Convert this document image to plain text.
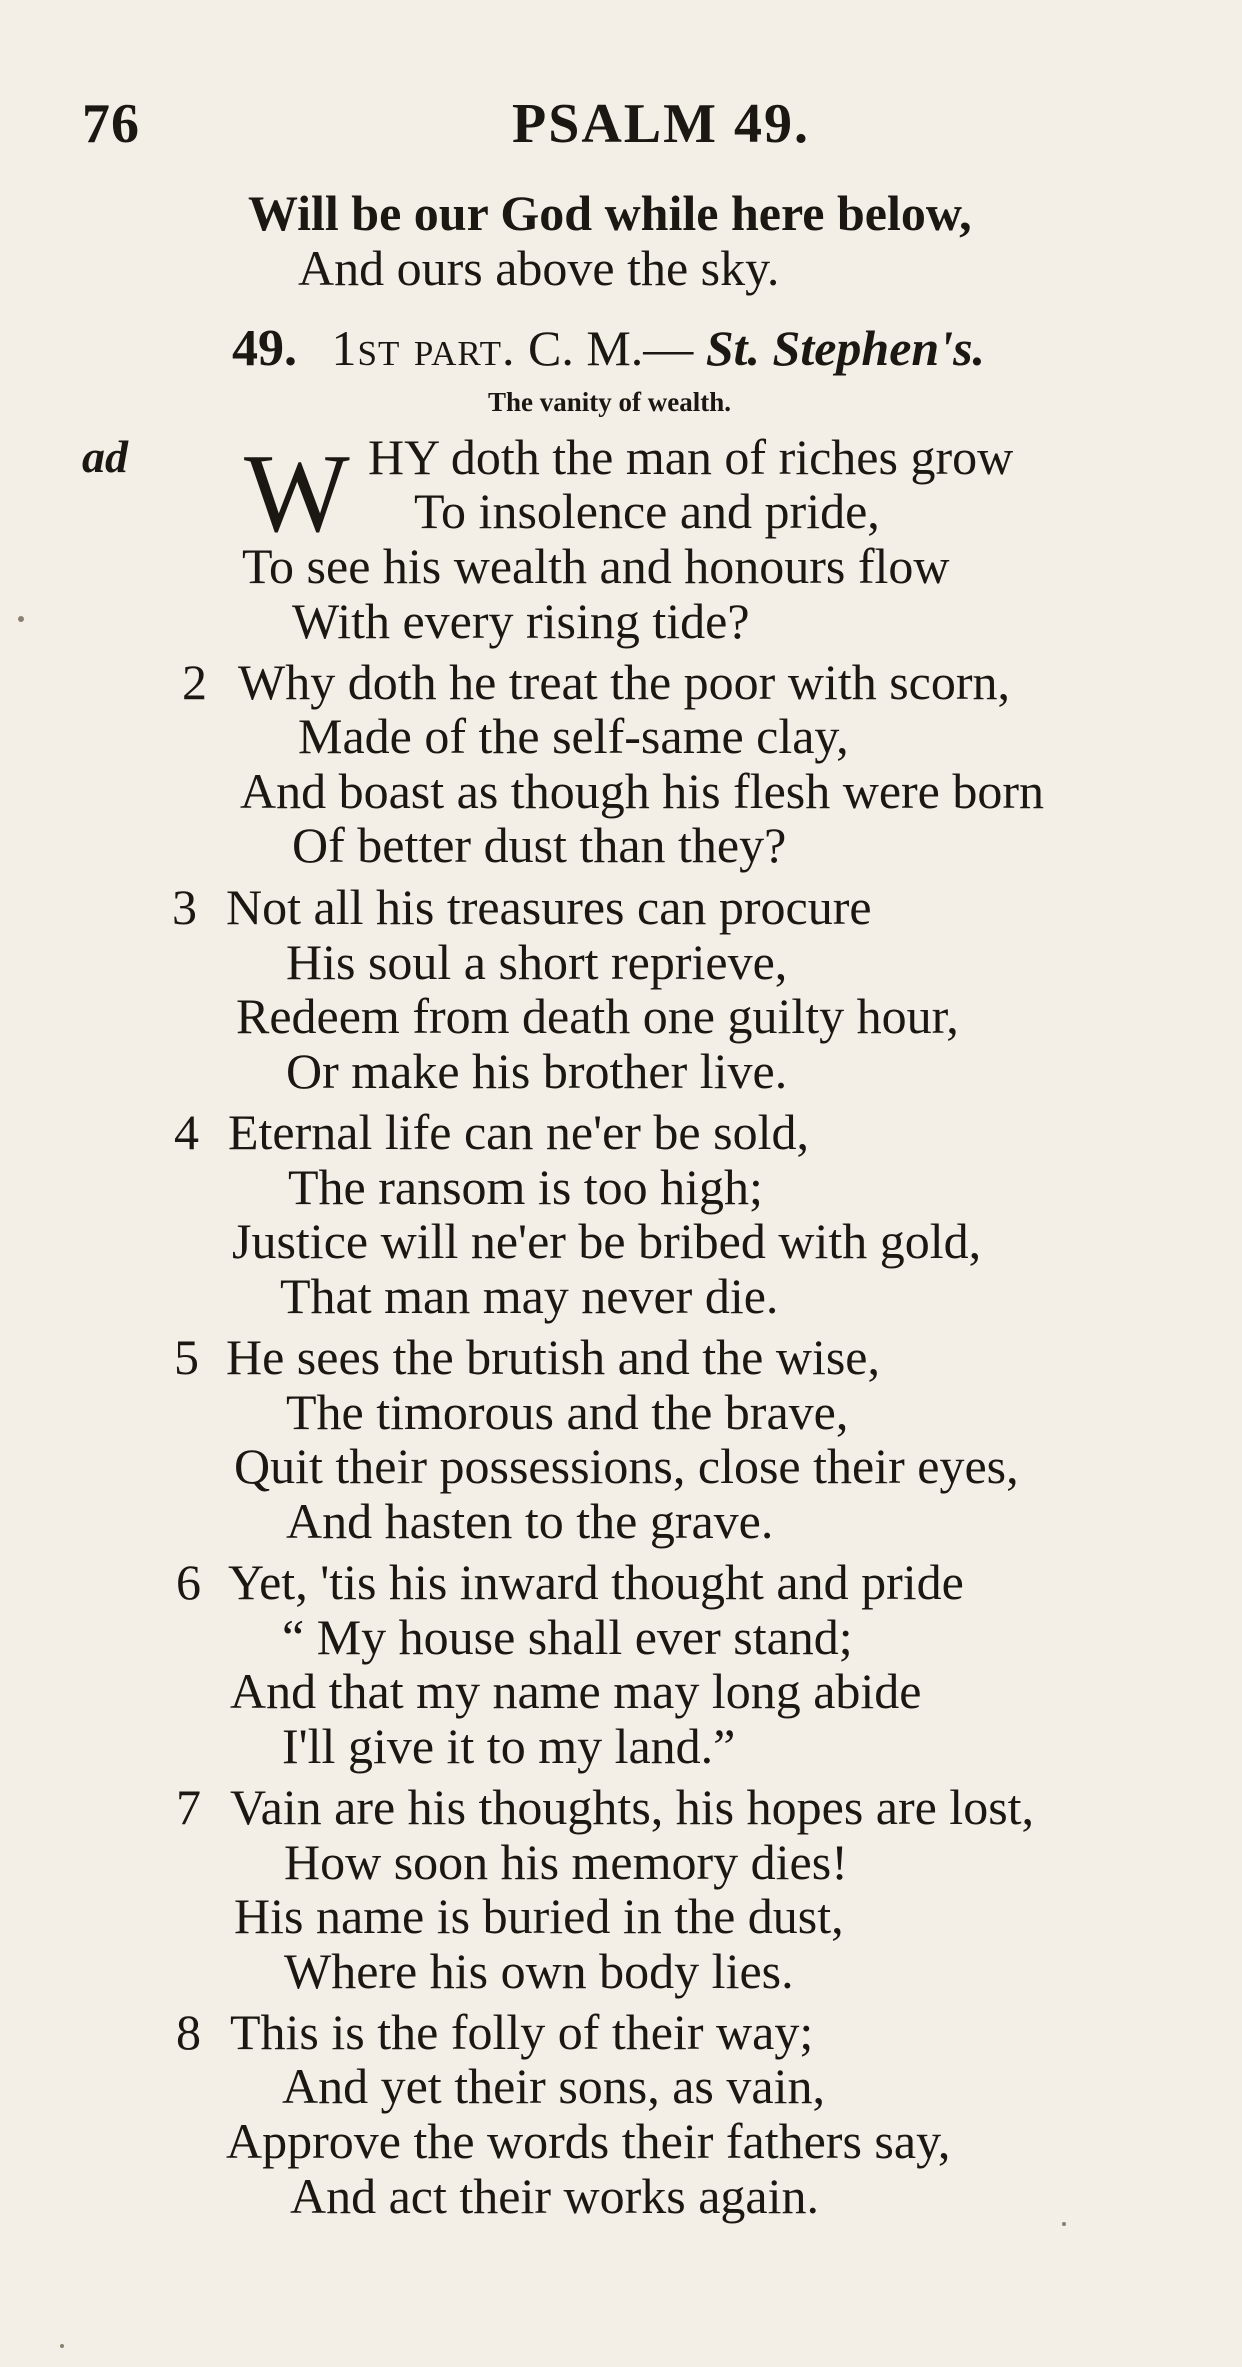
76	PSALM 49.
Will be our God while here below,
And ours above the sky.
49. 1st part. C. M.— St. Stephen's.
The vanity of wealth.
ad W HY doth the man of riches grow
To insolence and pride,
To see his wealth and honours flow
With every rising tide?
2 Why doth he treat the poor with scorn,
Made of the self-same clay,
And boast as though his flesh were born
Of better dust than they?
3 Not all his treasures can procure
His soul a short reprieve,
Redeem from death one guilty hour,
Or make his brother live.
4 Eternal life can ne'er be sold,
The ransom is too high;
Justice will ne'er be bribed with gold,
That man may never die.
5 He sees the brutish and the wise,
The timorous and the brave,
Quit their possessions, close their eyes,
And hasten to the grave.
6 Yet, 'tis his inward thought and pride
“ My house shall ever stand;
And that my name may long abide
I'll give it to my land.”
7 Vain are his thoughts, his hopes are lost,
How soon his memory dies!
His name is buried in the dust,
Where his own body lies.
8 This is the folly of their way;
And yet their sons, as vain,
Approve the words their fathers say,
And act their works again.
